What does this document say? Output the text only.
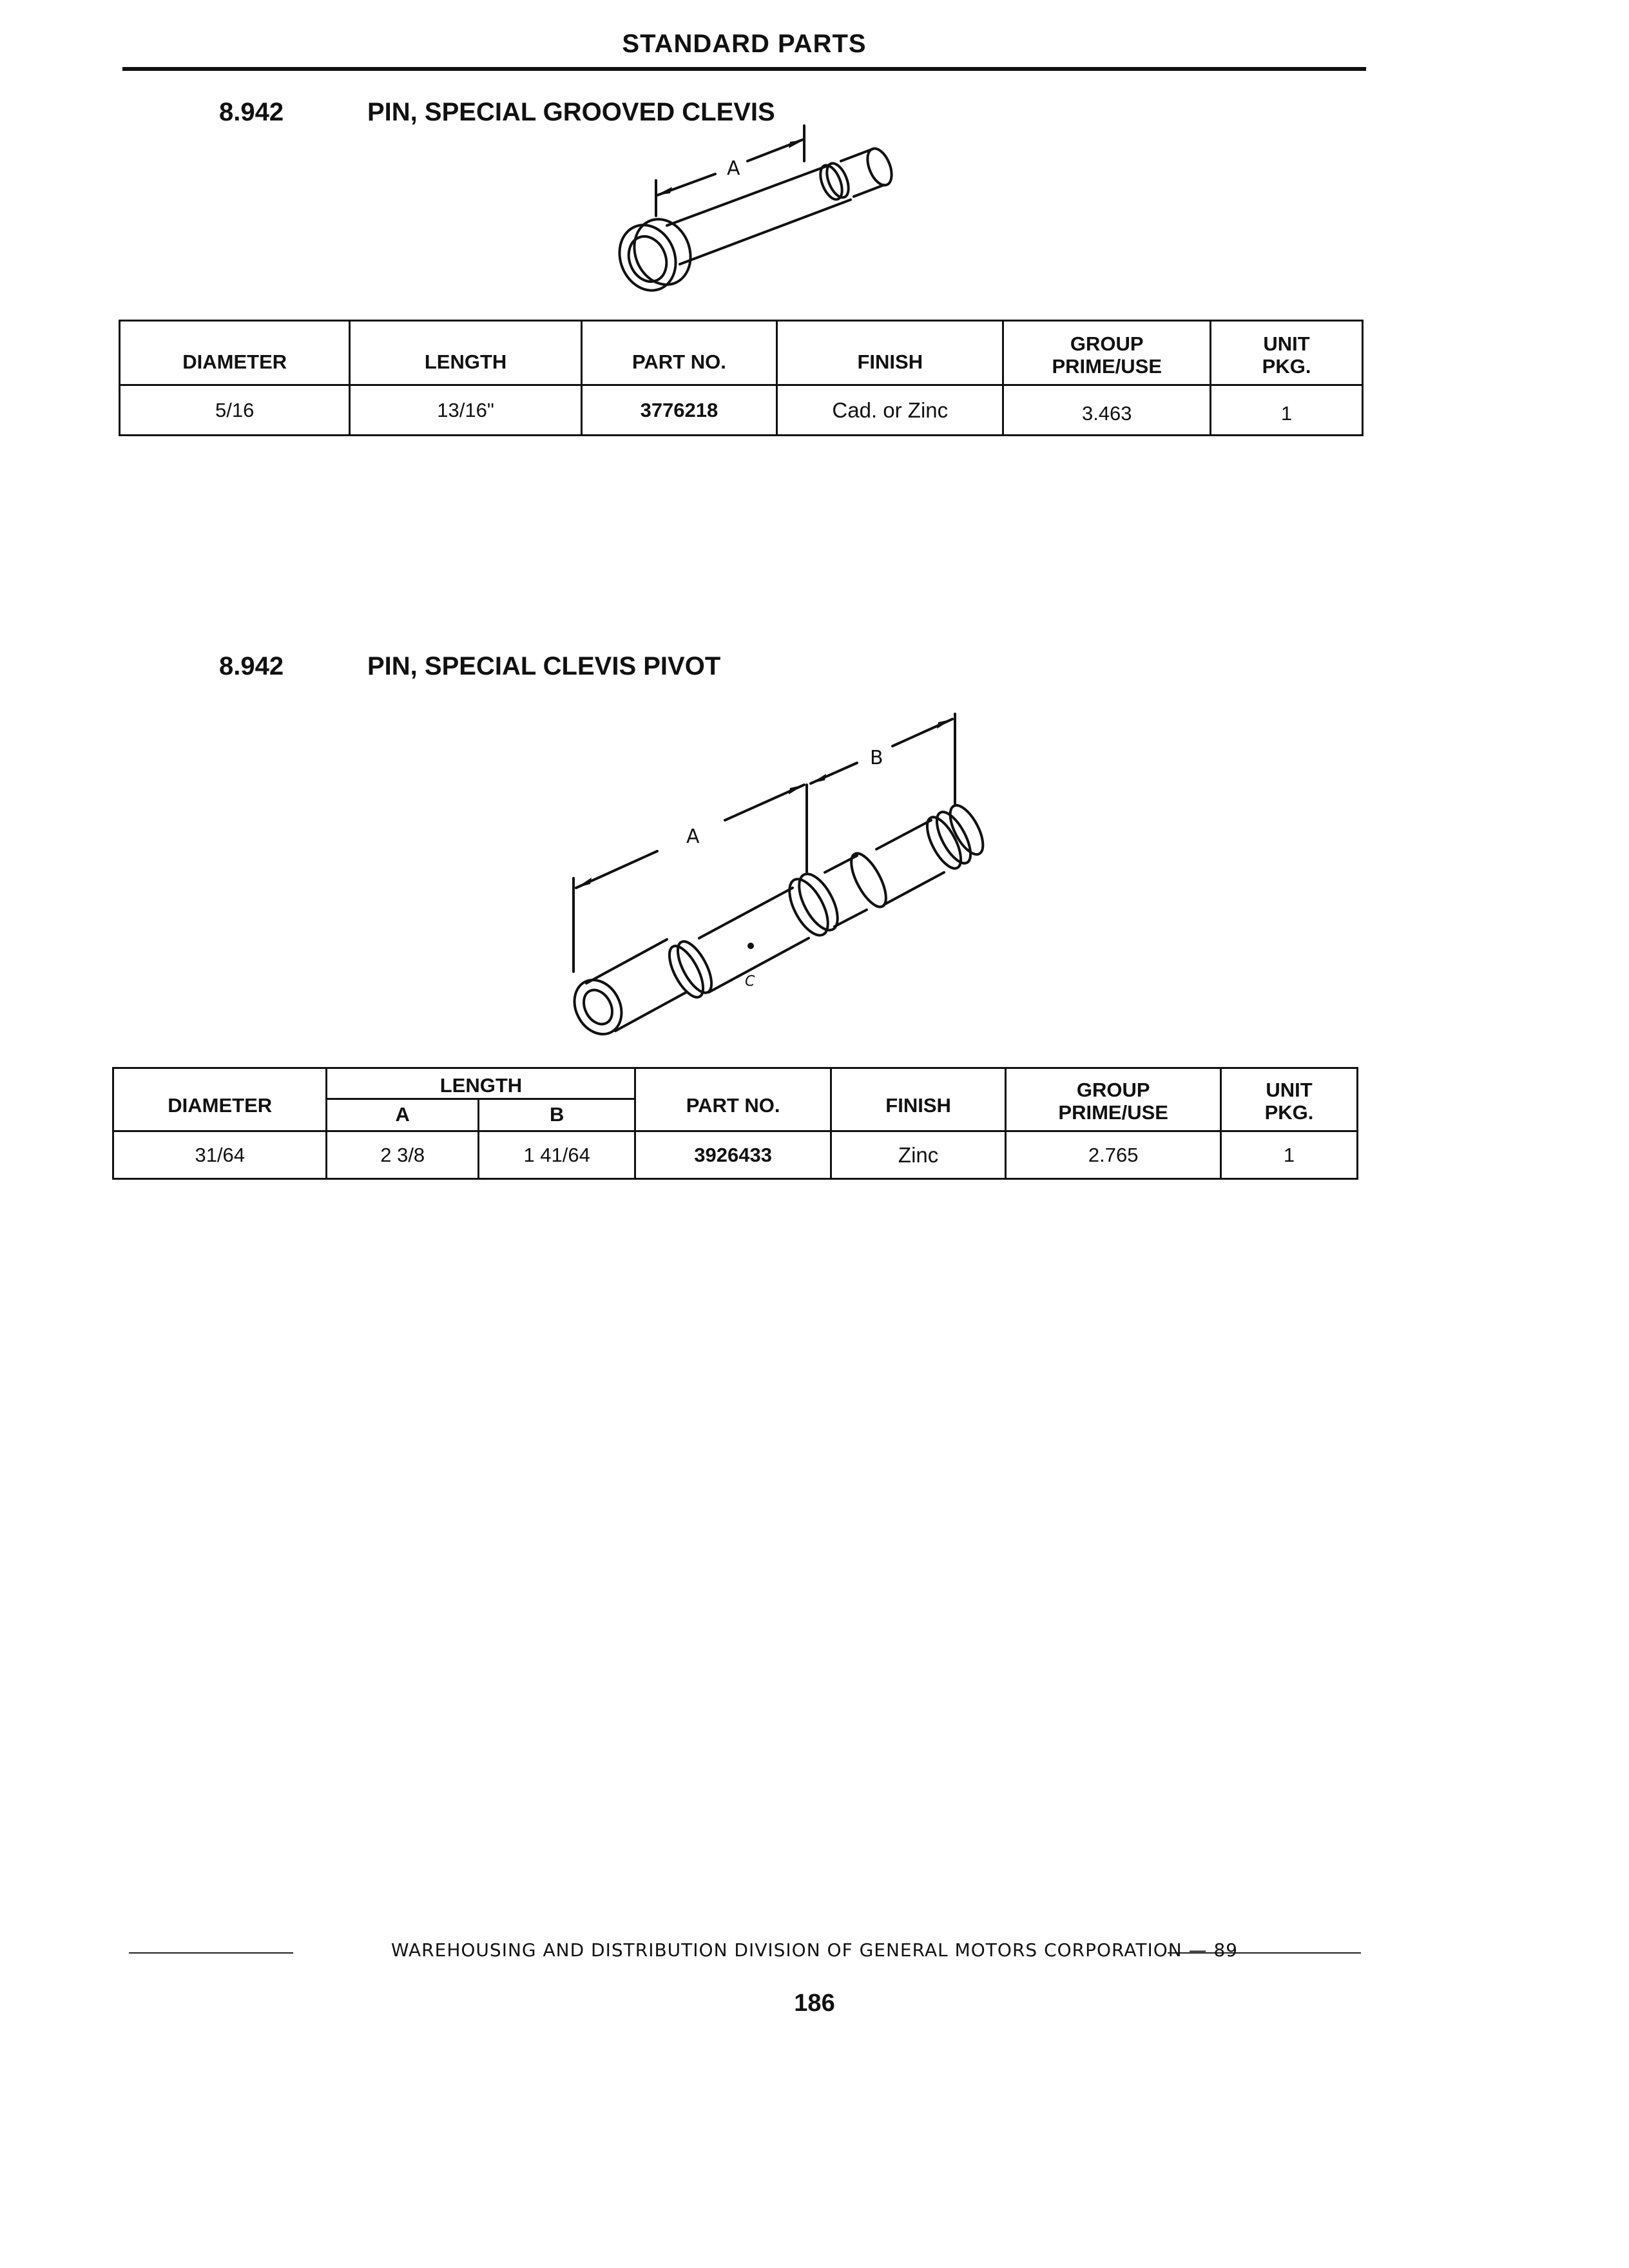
STANDARD PARTS
8.942	PIN, SPECIAL GROOVED CLEVIS
A
DIAMETER	LENGTH	PART NO.	FINISH	GROUP PRIME/USE	UNIT PKG.
5/16	13/16"	3776218	Cad. or Zinc	3.463	1
8.942	PIN, SPECIAL CLEVIS PIVOT
A
B
C
DIAMETER	LENGTH		PART NO.	FINISH	GROUP PRIME/USE	UNIT PKG.
	A	B				
31/64	2 3/8	1 41/64	3926433	Zinc	2.765	1
WAREHOUSING AND DISTRIBUTION DIVISION OF GENERAL MOTORS CORPORATION — 89
186
